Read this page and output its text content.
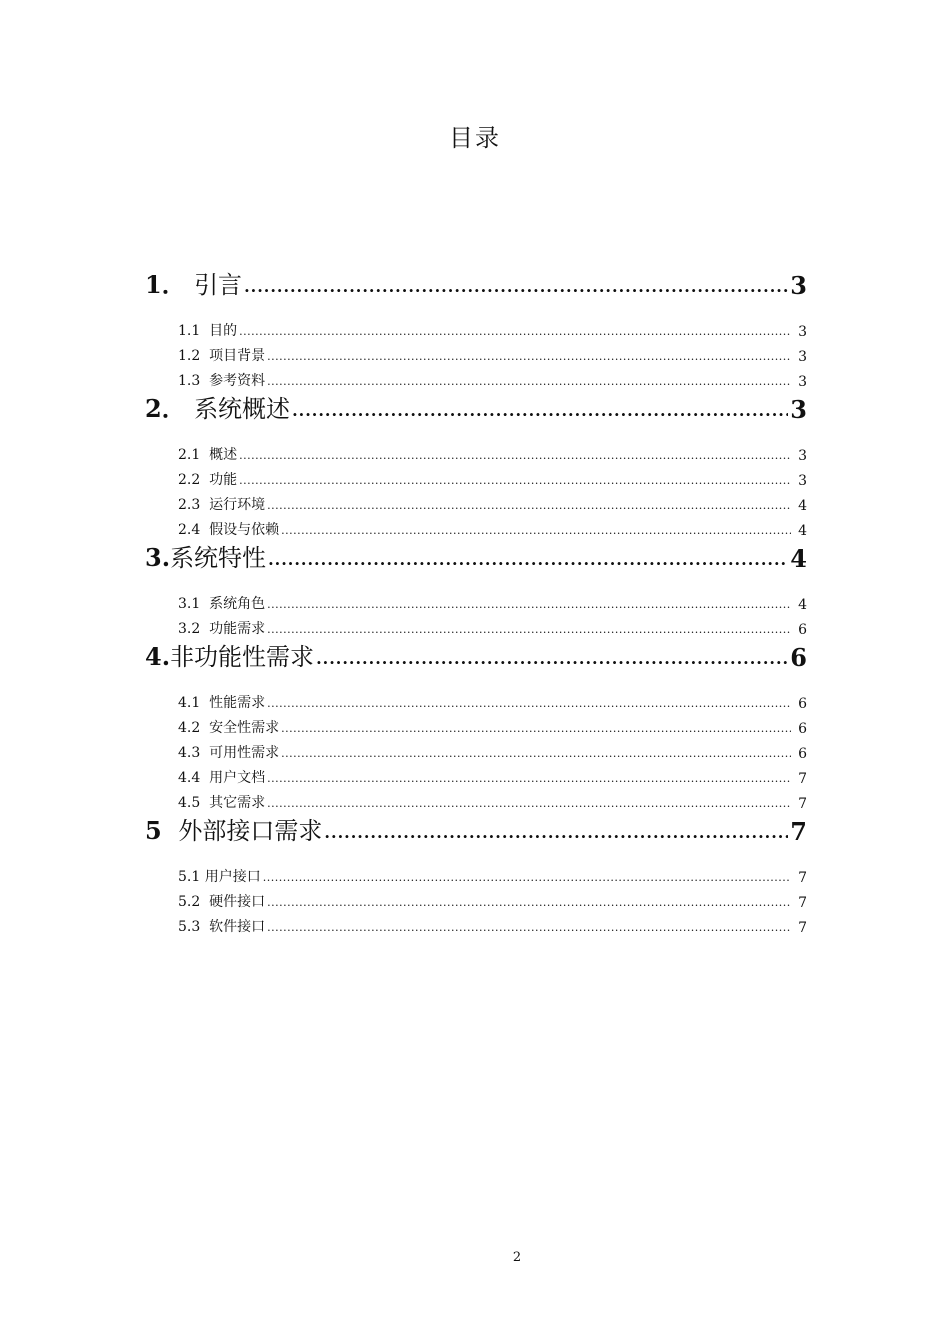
目录
1． 引言 .....	3
1.1 目的 .....	3
1.2 项目背景 .....	3
1.3 参考资料 .....	3
2． 系统概述 .....	3
2.1 概述 .....	3
2.2 功能 .....	3
2.3 运行环境 .....	4
2.4 假设与依赖 .....	4
3.系统特性 .....	4
3.1 系统角色 .....	4
3.2 功能需求 .....	6
4.非功能性需求 .....	6
4.1 性能需求 .....	6
4.2 安全性需求 .....	6
4.3 可用性需求 .....	6
4.4 用户文档 .....	7
4.5 其它需求 .....	7
5  外部接口需求 .....	7
5.1 用户接口 .....	7
5.2 硬件接口 .....	7
5.3 软件接口 .....	7
2
